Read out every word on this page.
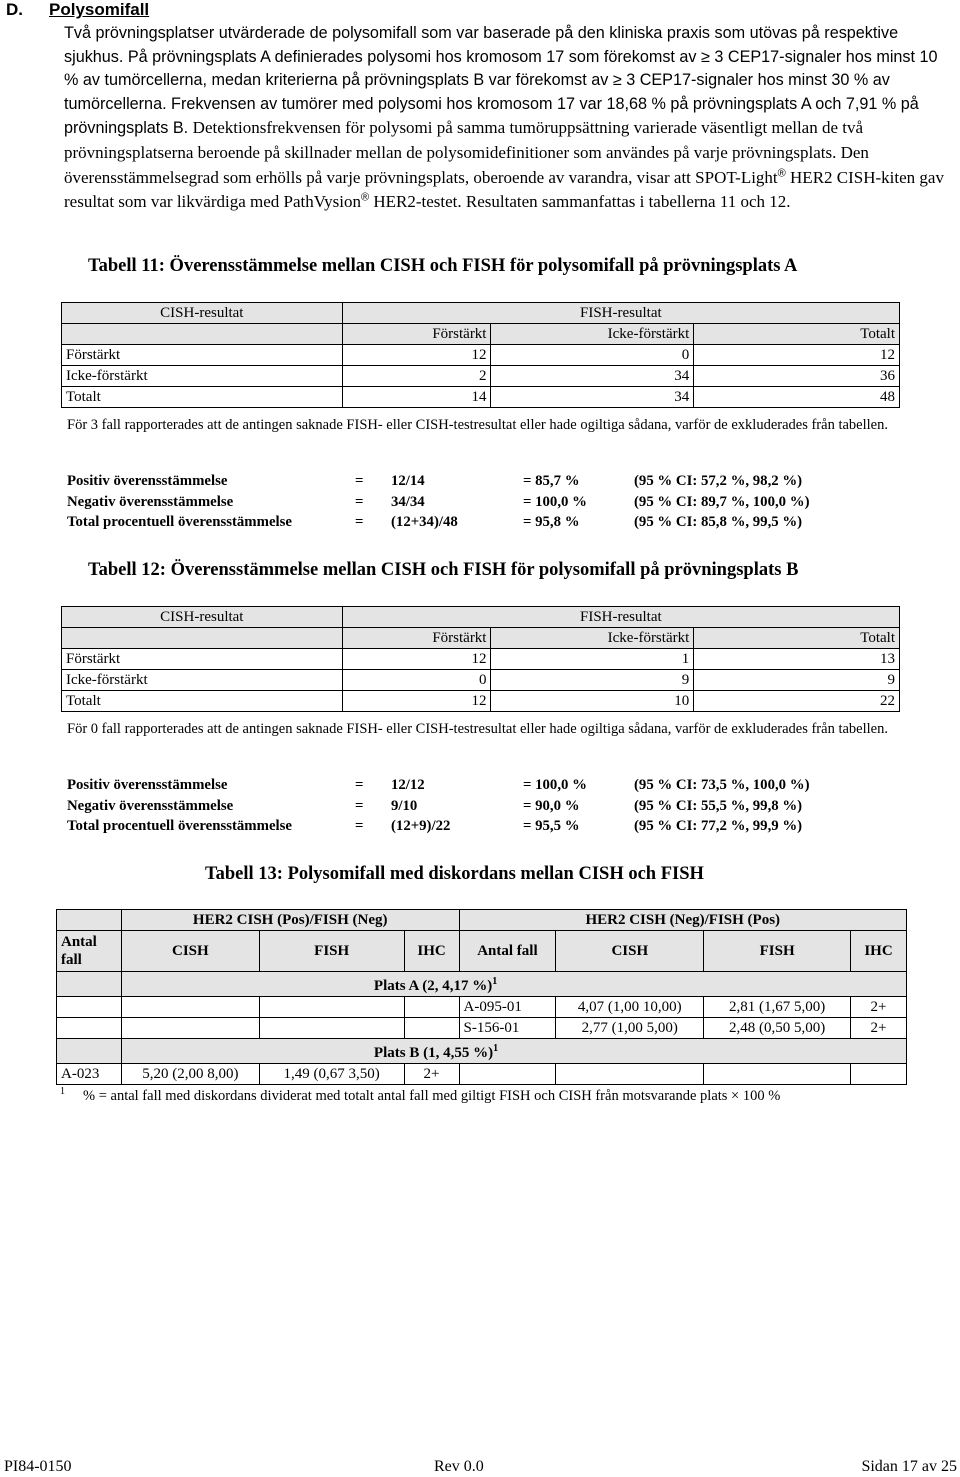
D. Polysomifall
Två prövningsplatser utvärderade de polysomifall som var baserade på den kliniska praxis som utövas på respektive sjukhus. På prövningsplats A definierades polysomi hos kromosom 17 som förekomst av ≥ 3 CEP17-signaler hos minst 10 % av tumörcellerna, medan kriterierna på prövningsplats B var förekomst av ≥ 3 CEP17-signaler hos minst 30 % av tumörcellerna. Frekvensen av tumörer med polysomi hos kromosom 17 var 18,68 % på prövningsplats A och 7,91 % på prövningsplats B. Detektionsfrekvensen för polysomi på samma tumöruppsättning varierade väsentligt mellan de två prövningsplatserna beroende på skillnader mellan de polysomidefinitioner som användes på varje prövningsplats. Den överensstämmelsegrad som erhölls på varje prövningsplats, oberoende av varandra, visar att SPOT-Light® HER2 CISH-kiten gav resultat som var likvärdiga med PathVysion® HER2-testet. Resultaten sammanfattas i tabellerna 11 och 12.
Tabell 11: Överensstämmelse mellan CISH och FISH för polysomifall på prövningsplats A
CISH-resultat	FISH-resultat		
	Förstärkt	Icke-förstärkt	Totalt
Förstärkt	12	0	12
Icke-förstärkt	2	34	36
Totalt	14	34	48
För 3 fall rapporterades att de antingen saknade FISH- eller CISH-testresultat eller hade ogiltiga sådana, varför de exkluderades från tabellen.
Positiv överensstämmelse	= 12/14	= 85,7 %	(95 % CI: 57,2 %, 98,2 %)
Negativ överensstämmelse	= 34/34	= 100,0 %	(95 % CI: 89,7 %, 100,0 %)
Total procentuell överensstämmelse	= (12+34)/48	= 95,8 %	(95 % CI: 85,8 %, 99,5 %)
Tabell 12: Överensstämmelse mellan CISH och FISH för polysomifall på prövningsplats B
CISH-resultat	FISH-resultat		
	Förstärkt	Icke-förstärkt	Totalt
Förstärkt	12	1	13
Icke-förstärkt	0	9	9
Totalt	12	10	22
För 0 fall rapporterades att de antingen saknade FISH- eller CISH-testresultat eller hade ogiltiga sådana, varför de exkluderades från tabellen.
Positiv överensstämmelse	= 12/12	= 100,0 %	(95 % CI: 73,5 %, 100,0 %)
Negativ överensstämmelse	= 9/10	= 90,0 %	(95 % CI: 55,5 %, 99,8 %)
Total procentuell överensstämmelse	= (12+9)/22	= 95,5 %	(95 % CI: 77,2 %, 99,9 %)
Tabell 13: Polysomifall med diskordans mellan CISH och FISH
	HER2 CISH (Pos)/FISH (Neg)			HER2 CISH (Neg)/FISH (Pos)			
Antal fall	CISH	FISH	IHC	Antal fall	CISH	FISH	IHC
	Plats A (2, 4,17 %)$^1$
				A-095-01	4,07 (1,00 10,00)	2,81 (1,67 5,00)	2+
				S-156-01	2,77 (1,00 5,00)	2,48 (0,50 5,00)	2+
	Plats B (1, 4,55 %)$^1$
A-023	5,20 (2,00 8,00)	1,49 (0,67 3,50)	2+				
$^1$ % = antal fall med diskordans dividerat med totalt antal fall med giltigt FISH och CISH från motsvarande plats × 100 %
PI84-0150	Rev 0.0	Sidan 17 av 25
